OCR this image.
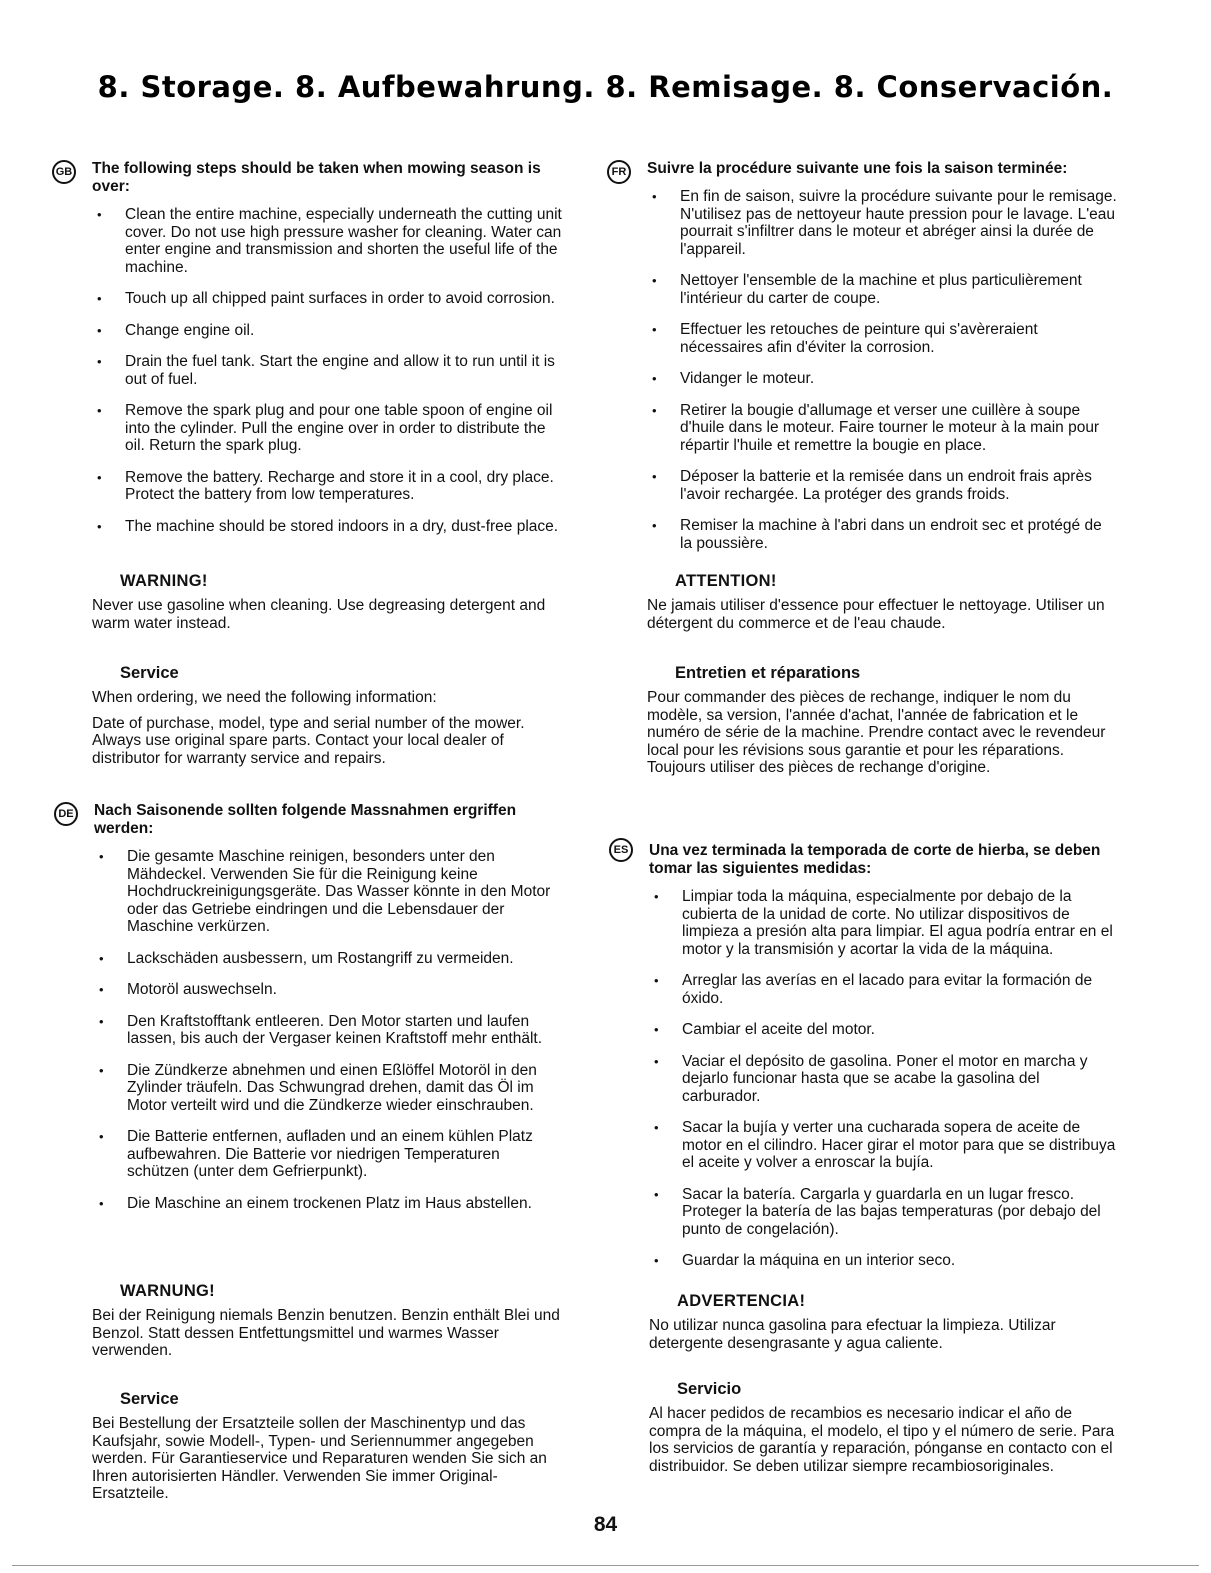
8. Storage. 8. Aufbewahrung. 8. Remisage. 8. Conservación.
GB The following steps should be taken when mowing season is over:

• Clean the entire machine, especially underneath the cutting unit cover. Do not use high pressure washer for cleaning. Water can enter engine and transmission and shorten the useful life of the machine.
• Touch up all chipped paint surfaces in order to avoid corrosion.
• Change engine oil.
• Drain the fuel tank. Start the engine and allow it to run until it is out of fuel.
• Remove the spark plug and pour one table spoon of engine oil into the cylinder. Pull the engine over in order to distribute the oil. Return the spark plug.
• Remove the battery. Recharge and store it in a cool, dry place. Protect the battery from low temperatures.
• The machine should be stored indoors in a dry, dust-free place.

WARNING!

Never use gasoline when cleaning. Use degreasing detergent and warm water instead.

Service

When ordering, we need the following information:

Date of purchase, model, type and serial number of the mower. Always use original spare parts. Contact your local dealer of distributor for warranty service and repairs.

DE Nach Saisonende sollten folgende Massnahmen ergriffen werden:

• Die gesamte Maschine reinigen, besonders unter den Mähdeckel. Verwenden Sie für die Reinigung keine Hochdruckreinigungsgeräte. Das Wasser könnte in den Motor oder das Getriebe eindringen und die Lebensdauer der Maschine verkürzen.
• Lackschäden ausbessern, um Rostangriff zu vermeiden.
• Motoröl auswechseln.
• Den Kraftstofftank entleeren. Den Motor starten und laufen lassen, bis auch der Vergaser keinen Kraftstoff mehr enthält.
• Die Zündkerze abnehmen und einen Eßlöffel Motoröl in den Zylinder träufeln. Das Schwungrad drehen, damit das Öl im Motor verteilt wird und die Zündkerze wieder einschrauben.
• Die Batterie entfernen, aufladen und an einem kühlen Platz aufbewahren. Die Batterie vor niedrigen Temperaturen schützen (unter dem Gefrierpunkt).
• Die Maschine an einem trockenen Platz im Haus abstellen.

WARNUNG!

Bei der Reinigung niemals Benzin benutzen. Benzin enthält Blei und Benzol. Statt dessen Entfettungsmittel und warmes Wasser verwenden.

Service

Bei Bestellung der Ersatzteile sollen der Maschinentyp und das Kaufsjahr, sowie Modell-, Typen- und Seriennummer angegeben werden. Für Garantieservice und Reparaturen wenden Sie sich an Ihren autorisierten Händler. Verwenden Sie immer Original-Ersatzteile.

FR	Suivre la procédure suivante une fois la saison terminée:

• En fin de saison, suivre la procédure suivante pour le remisage. N'utilisez pas de nettoyeur haute pression pour le lavage. L'eau pourrait s'infiltrer dans le moteur et abréger ainsi la durée de l'appareil.
• Nettoyer l'ensemble de la machine et plus particulièrement l'intérieur du carter de coupe.
• Effectuer les retouches de peinture qui s'avèreraient nécessaires afin d'éviter la corrosion.
• Vidanger le moteur.
• Retirer la bougie d'allumage et verser une cuillère à soupe d'huile dans le moteur. Faire tourner le moteur à la main pour répartir l'huile et remettre la bougie en place.
• Déposer la batterie et la remisée dans un endroit frais après l'avoir rechargée. La protéger des grands froids.
• Remiser la machine à l'abri dans un endroit sec et protégé de la poussière.

ATTENTION!

Ne jamais utiliser d'essence pour effectuer le nettoyage. Utiliser un détergent du commerce et de l'eau chaude.

Entretien et réparations

Pour commander des pièces de rechange, indiquer le nom du modèle, sa version, l'année d'achat, l'année de fabrication et le numéro de série de la machine. Prendre contact avec le revendeur local pour les révisions sous garantie et pour les réparations. Toujours utiliser des pièces de rechange d'origine.

ES	Una vez terminada la temporada de corte de hierba, se deben tomar las siguientes medidas:

• Limpiar toda la máquina, especialmente por debajo de la cubierta de la unidad de corte. No utilizar dispositivos de limpieza a presión alta para limpiar. El agua podría entrar en el motor y la transmisión y acortar la vida de la máquina.
• Arreglar las averías en el lacado para evitar la formación de óxido.
• Cambiar el aceite del motor.
• Vaciar el depósito de gasolina. Poner el motor en marcha y dejarlo funcionar hasta que se acabe la gasolina del carburador.
• Sacar la bujía y verter una cucharada sopera de aceite de motor en el cilindro. Hacer girar el motor para que se distribuya el aceite y volver a enroscar la bujía.
• Sacar la batería. Cargarla y guardarla en un lugar fresco. Proteger la batería de las bajas temperaturas (por debajo del punto de congelación).
• Guardar la máquina en un interior seco.

ADVERTENCIA!

No utilizar nunca gasolina para efectuar la limpieza. Utilizar detergente desengrasante y agua caliente.

Servicio

Al hacer pedidos de recambios es necesario indicar el año de compra de la máquina, el modelo, el tipo y el número de serie. Para los servicios de garantía y reparación, pónganse en contacto con el distribuidor. Se deben utilizar siempre recambiosoriginales.

84
